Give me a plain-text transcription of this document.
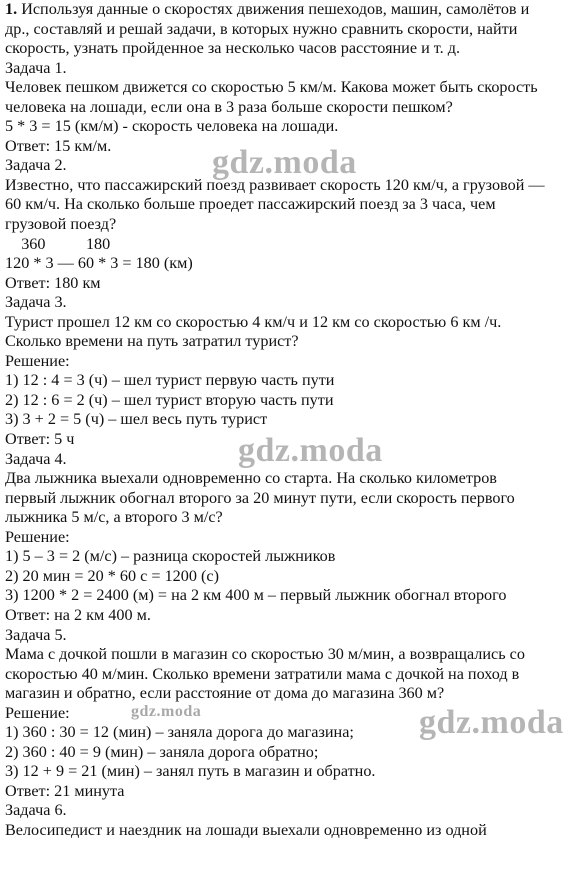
1. Используя данные о скоростях движения пешеходов, машин, самолётов и
др., составляй и решай задачи, в которых нужно сравнить скорости, найти
скорость, узнать пройденное за несколько часов расстояние и т. д.
Задача 1.
Человек пешком движется со скоростью 5 км/м. Какова может быть скорость
человека на лошади, если она в 3 раза больше скорости пешком?
5 * 3 = 15 (км/м) - скорость человека на лошади.
Ответ: 15 км/м.
Задача 2.
Известно, что пассажирский поезд развивает скорость 120 км/ч, а грузовой —
60 км/ч. На сколько больше проедет пассажирский поезд за 3 часа, чем
грузовой поезд?
360          180
120 * 3 — 60 * 3 = 180 (км)
Ответ: 180 км
Задача 3.
Турист прошел 12 км со скоростью 4 км/ч и 12 км со скоростью 6 км /ч.
Сколько времени на путь затратил турист?
Решение:
1) 12 : 4 = 3 (ч) – шел турист первую часть пути
2) 12 : 6 = 2 (ч) – шел турист вторую часть пути
3) 3 + 2 = 5 (ч) – шел весь путь турист
Ответ: 5 ч
Задача 4.
Два лыжника выехали одновременно со старта. На сколько километров
первый лыжник обогнал второго за 20 минут пути, если скорость первого
лыжника 5 м/с, а второго 3 м/с?
Решение:
1) 5 – 3 = 2 (м/с) – разница скоростей лыжников
2) 20 мин = 20 * 60 с = 1200 (с)
3) 1200 * 2 = 2400 (м) = на 2 км 400 м – первый лыжник обогнал второго
Ответ: на 2 км 400 м.
Задача 5.
Мама с дочкой пошли в магазин со скоростью 30 м/мин, а возвращались со
скоростью 40 м/мин. Сколько времени затратили мама с дочкой на поход в
магазин и обратно, если расстояние от дома до магазина 360 м?
Решение:
1) 360 : 30 = 12 (мин) – заняла дорога до магазина;
2) 360 : 40 = 9 (мин) – заняла дорога обратно;
3) 12 + 9 = 21 (мин) – занял путь в магазин и обратно.
Ответ: 21 минута
Задача 6.
Велосипедист и наездник на лошади выехали одновременно из одной
gdz.moda
gdz.moda
gdz.moda
gdz.moda
